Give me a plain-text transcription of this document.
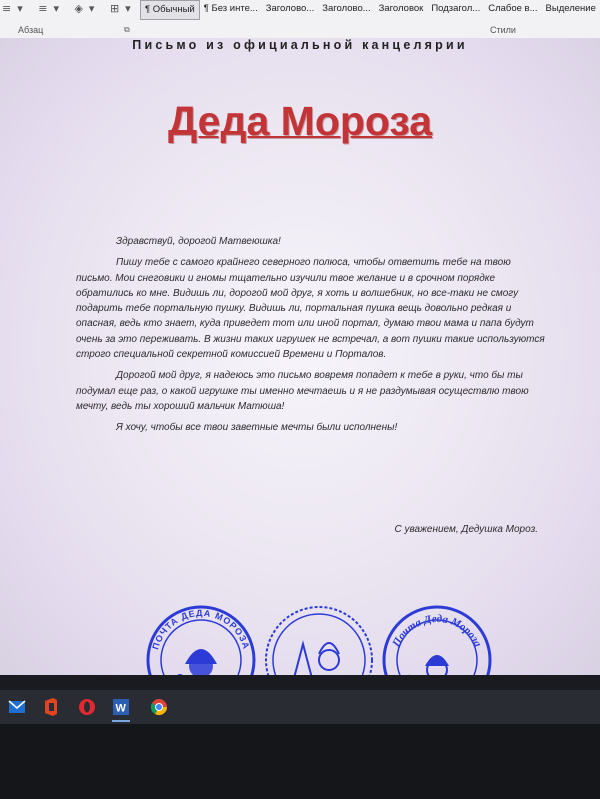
≡▾ ≡▾ ◈▾ ⊞▾ ¶ Обычный ¶ Без инте... Заголово... Заголово... Заголовок Подзагол... Слабое в... Выделение
Абзац	⧉	Стили
Письмо из официальной канцелярии
Деда Мороза

Здравствуй, дорогой Матвеюшка!

Пишу тебе с самого крайнего северного полюса, чтобы ответить тебе на твою письмо. Мои снеговики и гномы тщательно изучили твое желание и в срочном порядке обратились ко мне. Видишь ли, дорогой мой друг, я хоть и волшебник, но все-таки не смогу подарить тебе портальную пушку. Видишь ли, портальная пушка вещь довольно редкая и опасная, ведь кто знает, куда приведет тот или иной портал, думаю твои мама и папа будут очень за это переживать. В жизни таких игрушек не встречал, а вот пушки такие используются строго специальной секретной комиссией Времени и Порталов.

Дорогой мой друг, я надеюсь это письмо вовремя попадет к тебе в руки, что бы ты подумал еще раз, о какой игрушке ты именно мечтаешь и я не раздумывая осуществлю твою мечту, ведь ты хороший мальчик Матюша!

Я хочу, чтобы все твои заветные мечты были исполнены!

С уважением, Дедушка Мороз.
ПОЧТА ДЕДА МОРОЗА	Почта Деда Мороза
✻
W
